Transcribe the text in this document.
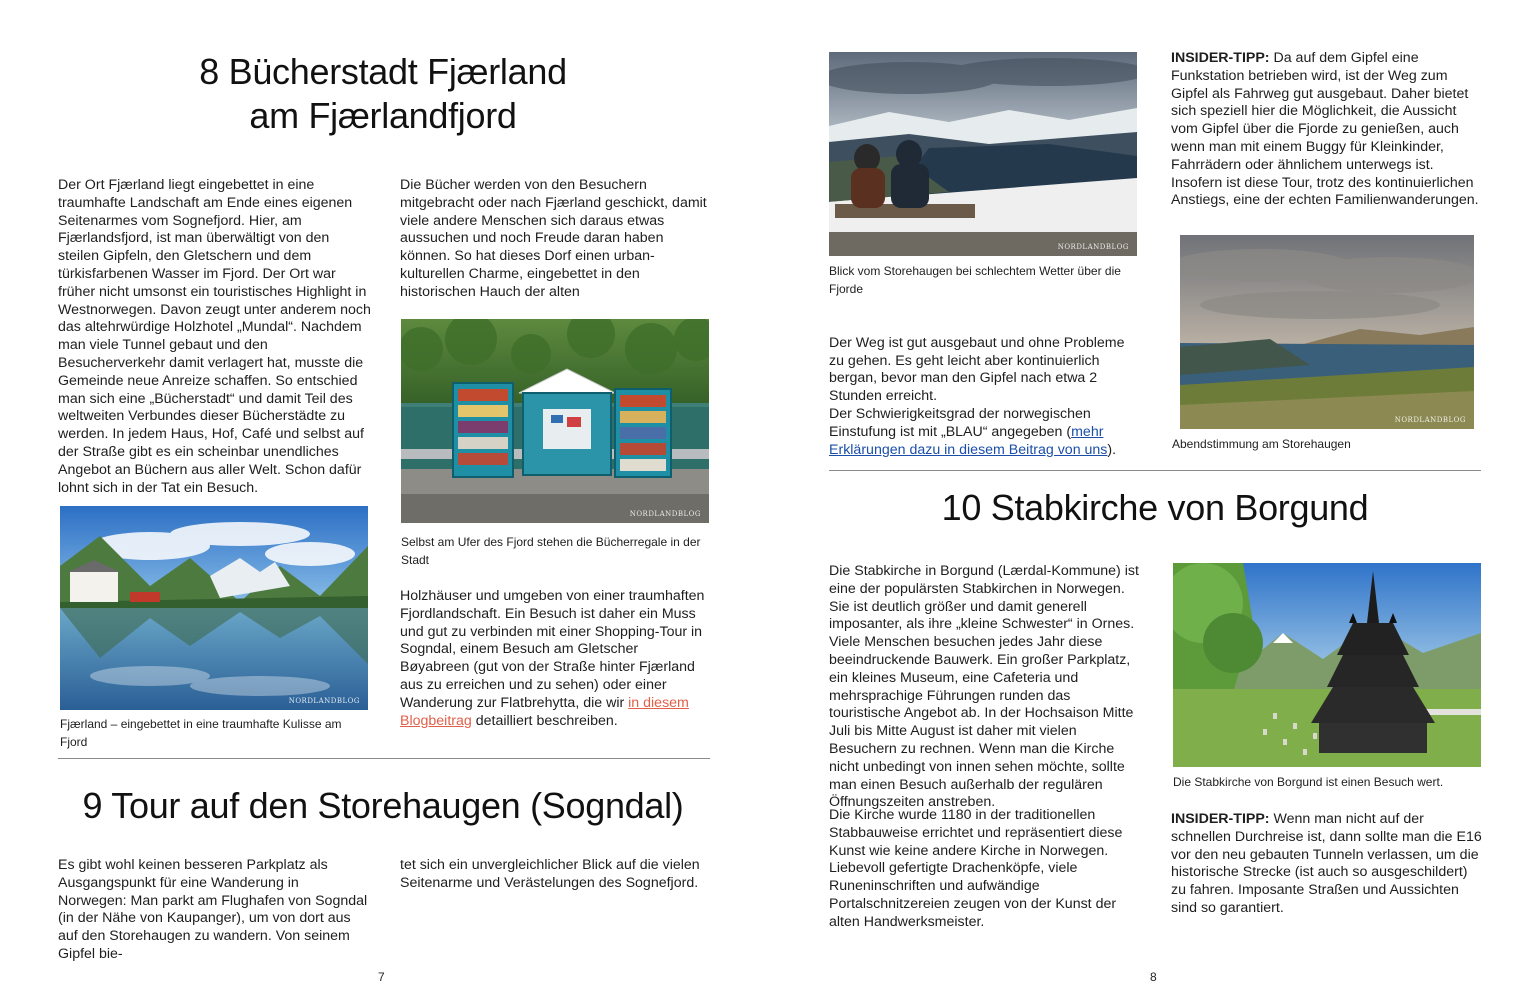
8 Bücherstadt Fjærland
am Fjærlandfjord

Der Ort Fjærland liegt eingebettet in eine traumhafte Landschaft am Ende eines eigenen Seitenarmes vom Sognefjord. Hier, am Fjærlandsfjord, ist man überwältigt von den steilen Gipfeln, den Gletschern und dem türkisfarbenen Wasser im Fjord. Der Ort war früher nicht umsonst ein touristisches Highlight in Westnorwegen. Davon zeugt unter anderem noch das altehrwürdige Holzhotel „Mundal“. Nachdem man viele Tunnel gebaut und den Besucherverkehr damit verlagert hat, musste die Gemeinde neue Anreize schaffen. So entschied man sich eine „Bücherstadt“ und damit Teil des weltweiten Verbundes dieser Bücherstädte zu werden. In jedem Haus, Hof, Café und selbst auf der Straße gibt es ein scheinbar unendliches Angebot an Büchern aus aller Welt. Schon dafür lohnt sich in der Tat ein Besuch.

Die Bücher werden von den Besuchern mitgebracht oder nach Fjærland geschickt, damit viele andere Menschen sich daraus etwas aussuchen und noch Freude daran haben können. So hat dieses Dorf einen urban-kulturellen Charme, eingebettet in den historischen Hauch der alten

NORDLANDBLOG

Selbst am Ufer des Fjord stehen die Bücherregale in der Stadt

Holzhäuser und umgeben von einer traumhaften Fjordlandschaft. Ein Besuch ist daher ein Muss und gut zu verbinden mit einer Shopping-Tour in Sogndal, einem Besuch am Gletscher Bøyabreen (gut von der Straße hinter Fjærland aus zu erreichen und zu sehen) oder einer Wanderung zur Flatbrehytta, die wir in diesem Blogbeitrag detailliert beschreiben.

NORDLANDBLOG

Fjærland – eingebettet in eine traumhafte Kulisse am Fjord

9 Tour auf den Storehaugen (Sogndal)

Es gibt wohl keinen besseren Parkplatz als Ausgangspunkt für eine Wanderung in Norwegen: Man parkt am Flughafen von Sogndal (in der Nähe von Kaupanger), um von dort aus auf den Storehaugen zu wandern. Von seinem Gipfel bie-

tet sich ein unvergleichlicher Blick auf die vielen Seitenarme und Verästelungen des Sognefjord.

7
NORDLANDBLOG

Blick vom Storehaugen bei schlechtem Wetter über die Fjorde

Der Weg ist gut ausgebaut und ohne Probleme zu gehen. Es geht leicht aber kontinuierlich bergan, bevor man den Gipfel nach etwa 2 Stunden erreicht.
Der Schwierigkeitsgrad der norwegischen Einstufung ist mit „BLAU“ angegeben (mehr Erklärungen dazu in diesem Beitrag von uns).

INSIDER-TIPP: Da auf dem Gipfel eine Funkstation betrieben wird, ist der Weg zum Gipfel als Fahrweg gut ausgebaut. Daher bietet sich speziell hier die Möglichkeit, die Aussicht vom Gipfel über die Fjorde zu genießen, auch wenn man mit einem Buggy für Kleinkinder, Fahrrädern oder ähnlichem unterwegs ist. Insofern ist diese Tour, trotz des kontinuierlichen Anstiegs, eine der echten Familienwanderungen.

NORDLANDBLOG

Abendstimmung am Storehaugen

10 Stabkirche von Borgund

Die Stabkirche in Borgund (Lærdal-Kommune) ist eine der populärsten Stabkirchen in Norwegen. Sie ist deutlich größer und damit generell imposanter, als ihre „kleine Schwester“ in Ornes. Viele Menschen besuchen jedes Jahr diese beeindruckende Bauwerk. Ein großer Parkplatz, ein kleines Museum, eine Cafeteria und mehrsprachige Führungen runden das touristische Angebot ab. In der Hochsaison Mitte Juli bis Mitte August ist daher mit vielen Besuchern zu rechnen. Wenn man die Kirche nicht unbedingt von innen sehen möchte, sollte man einen Besuch außerhalb der regulären Öffnungszeiten anstreben.

Die Kirche wurde 1180 in der traditionellen Stabbauweise errichtet und repräsentiert diese Kunst wie keine andere Kirche in Norwegen. Liebevoll gefertigte Drachenköpfe, viele Runeninschriften und aufwändige Portalschnitzereien zeugen von der Kunst der alten Handwerksmeister.

Die Stabkirche von Borgund ist einen Besuch wert.

INSIDER-TIPP: Wenn man nicht auf der schnellen Durchreise ist, dann sollte man die E16 vor den neu gebauten Tunneln verlassen, um die historische Strecke (ist auch so ausgeschildert) zu fahren. Imposante Straßen und Aussichten sind so garantiert.

8
